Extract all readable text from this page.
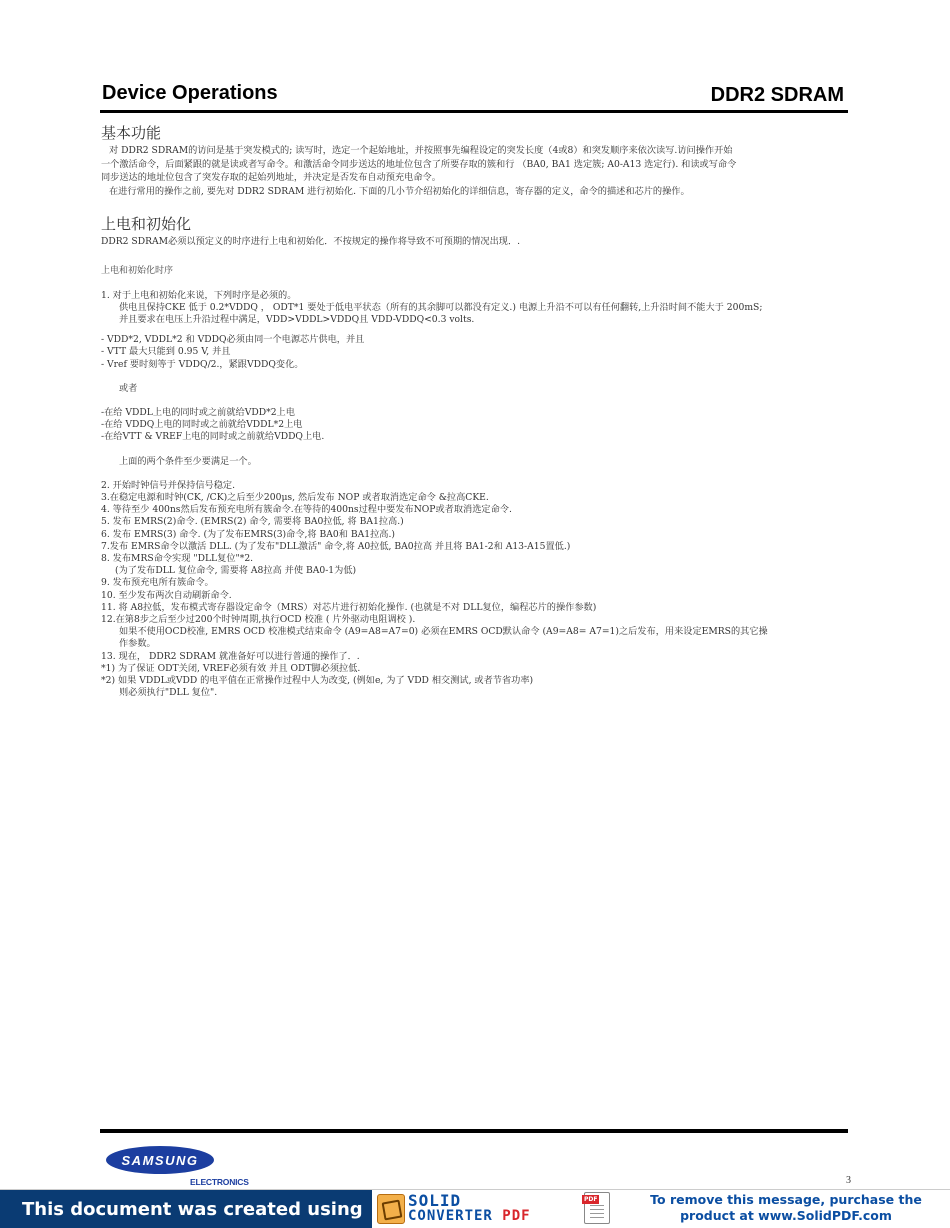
Device Operations	DDR2 SDRAM
基本功能

对 DDR2 SDRAM的访问是基于突发模式的; 读写时，选定一个起始地址，并按照事先编程设定的突发长度（4或8）和突发顺序来依次读写.访问操作开始

一个激活命令，后面紧跟的就是读或者写命令。和激活命令同步送达的地址位包含了所要存取的簇和行 （BA0, BA1 选定簇; A0-A13 选定行). 和读或写命令

同步送达的地址位包含了突发存取的起始列地址，并决定是否发布自动预充电命令。

在进行常用的操作之前, 要先对 DDR2 SDRAM 进行初始化. 下面的几小节介绍初始化的详细信息，寄存器的定义，命令的描述和芯片的操作。

上电和初始化

DDR2 SDRAM必须以预定义的时序进行上电和初始化．不按规定的操作将导致不可预期的情况出现．.

上电和初始化时序

1. 对于上电和初始化来说，下列时序是必须的。

供电且保持CKE 低于 0.2*VDDQ ， ODT*1 要处于低电平状态（所有的其余脚可以都没有定义.) 电源上升沿不可以有任何翻转,上升沿时间不能大于 200mS;

并且要求在电压上升沿过程中满足，VDD>VDDL>VDDQ且 VDD-VDDQ<0.3 volts.

- VDD*2, VDDL*2 和 VDDQ必须由同一个电源芯片供电，并且

- VTT 最大只能到 0.95 V, 并且

- Vref 要时刻等于 VDDQ/2.，紧跟VDDQ变化。

或者

-在给 VDDL上电的同时或之前就给VDD*2上电

-在给 VDDQ上电的同时或之前就给VDDL*2上电

-在给VTT & VREF上电的同时或之前就给VDDQ上电.

上面的两个条件至少要满足一个。

2. 开始时钟信号并保持信号稳定.

3.在稳定电源和时钟(CK, /CK)之后至少200μs, 然后发布 NOP 或者取消选定命令 &拉高CKE.

4. 等待至少 400ns然后发布预充电所有簇命令.在等待的400ns过程中要发布NOP或者取消选定命令.

5. 发布 EMRS(2)命令. (EMRS(2) 命令, 需要将 BA0拉低, 将 BA1拉高.)

6. 发布 EMRS(3) 命令. (为了发布EMRS(3)命令,将 BA0和 BA1拉高.)

7.发布 EMRS命令以激活 DLL. (为了发布"DLL激活" 命令,将 A0拉低, BA0拉高 并且将 BA1-2和 A13-A15置低.)

8. 发布MRS命令实现 "DLL复位"*2.

(为了发布DLL 复位命令, 需要将 A8拉高 并使 BA0-1为低)

9. 发布预充电所有簇命令。

10. 至少发布两次自动刷新命令.

11. 将 A8拉低，发布模式寄存器设定命令（MRS）对芯片进行初始化操作. (也就是不对 DLL复位，编程芯片的操作参数)

12.在第8步之后至少过200个时钟周期,执行OCD 校准 ( 片外驱动电阻调校 ).

如果不使用OCD校准, EMRS OCD 校准模式结束命令 (A9=A8=A7=0) 必须在EMRS OCD默认命令 (A9=A8= A7=1)之后发布，用来设定EMRS的其它操

作参数。

13. 现在， DDR2 SDRAM 就准备好可以进行普通的操作了．.

*1) 为了保证 ODT关闭, VREF必须有效 并且 ODT脚必须拉低.

*2) 如果 VDDL或VDD 的电平值在正常操作过程中人为改变, (例如e, 为了 VDD 相交测试, 或者节省功率)

则必须执行"DLL 复位".

SAMSUNG
ELECTRONICS	3
This document was created using	SOLID
CONVERTER PDF
To remove this message, purchase the
product at www.SolidPDF.com
PDF
